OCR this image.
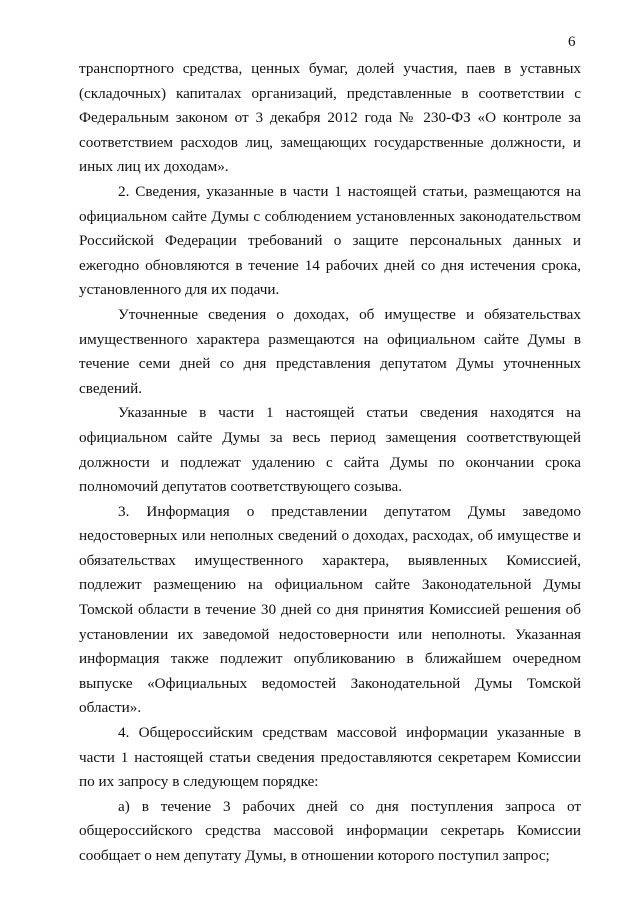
6

транспортного средства, ценных бумаг, долей участия, паев в уставных (складочных) капиталах организаций, представленные в соответствии с Федеральным законом от 3 декабря 2012 года № 230-ФЗ «О контроле за соответствием расходов лиц, замещающих государственные должности, и иных лиц их доходам».

2. Сведения, указанные в части 1 настоящей статьи, размещаются на официальном сайте Думы с соблюдением установленных законодательством Российской Федерации требований о защите персональных данных и ежегодно обновляются в течение 14 рабочих дней со дня истечения срока, установленного для их подачи.

Уточненные сведения о доходах, об имуществе и обязательствах имущественного характера размещаются на официальном сайте Думы в течение семи дней со дня представления депутатом Думы уточненных сведений.

Указанные в части 1 настоящей статьи сведения находятся на официальном сайте Думы за весь период замещения соответствующей должности и подлежат удалению с сайта Думы по окончании срока полномочий депутатов соответствующего созыва.

3. Информация о представлении депутатом Думы заведомо недостоверных или неполных сведений о доходах, расходах, об имуществе и обязательствах имущественного характера, выявленных Комиссией, подлежит размещению на официальном сайте Законодательной Думы Томской области в течение 30 дней со дня принятия Комиссией решения об установлении их заведомой недостоверности или неполноты. Указанная информация также подлежит опубликованию в ближайшем очередном выпуске «Официальных ведомостей Законодательной Думы Томской области».

4. Общероссийским средствам массовой информации указанные в части 1 настоящей статьи сведения предоставляются секретарем Комиссии по их запросу в следующем порядке:

а) в течение 3 рабочих дней со дня поступления запроса от общероссийского средства массовой информации секретарь Комиссии сообщает о нем депутату Думы, в отношении которого поступил запрос;
